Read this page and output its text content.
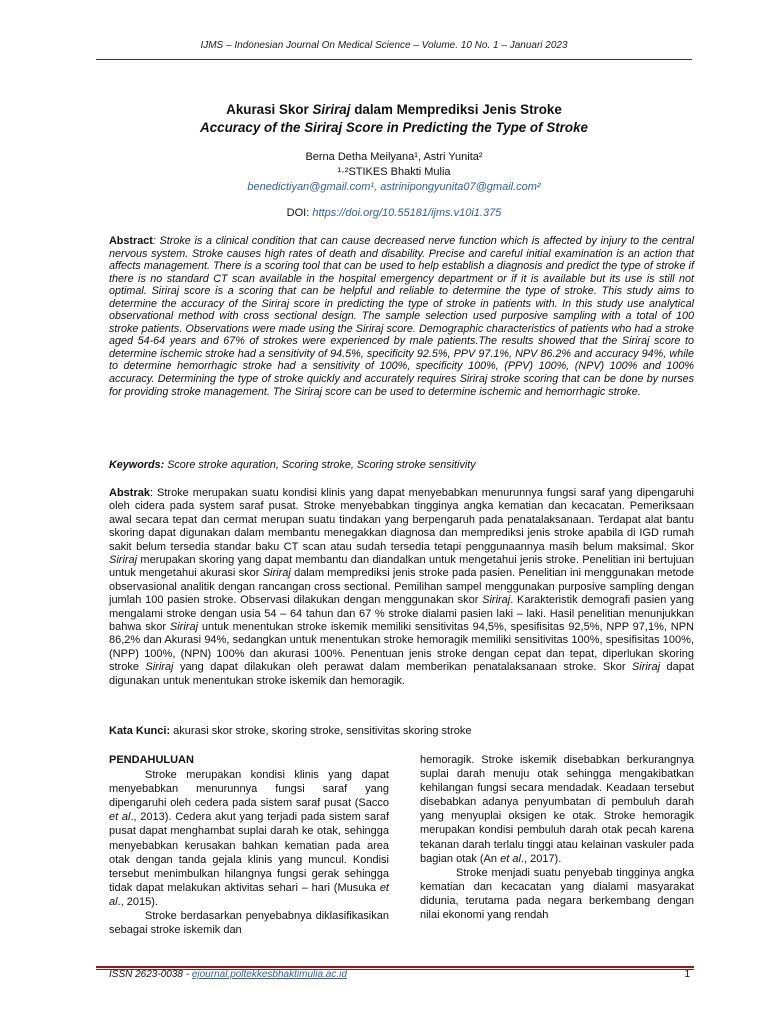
IJMS – Indonesian Journal On Medical Science – Volume. 10 No. 1 – Januari 2023
Akurasi Skor Siriraj dalam Memprediksi Jenis Stroke
Accuracy of the Siriraj Score in Predicting the Type of Stroke
Berna Detha Meilyana¹, Astri Yunita²
¹·²STIKES Bhakti Mulia
benedictiyan@gmail.com¹, astrinipongyunita07@gmail.com²
DOI: https://doi.org/10.55181/ijms.v10i1.375
Abstract: Stroke is a clinical condition that can cause decreased nerve function which is affected by injury to the central nervous system. Stroke causes high rates of death and disability. Precise and careful initial examination is an action that affects management. There is a scoring tool that can be used to help establish a diagnosis and predict the type of stroke if there is no standard CT scan available in the hospital emergency department or if it is available but its use is still not optimal. Siriraj score is a scoring that can be helpful and reliable to determine the type of stroke. This study aims to determine the accuracy of the Siriraj score in predicting the type of stroke in patients with. In this study use analytical observational method with cross sectional design. The sample selection used purposive sampling with a total of 100 stroke patients. Observations were made using the Siriraj score. Demographic characteristics of patients who had a stroke aged 54-64 years and 67% of strokes were experienced by male patients.The results showed that the Siriraj score to determine ischemic stroke had a sensitivity of 94.5%, specificity 92.5%, PPV 97.1%, NPV 86.2% and accuracy 94%, while to determine hemorrhagic stroke had a sensitivity of 100%, specificity 100%, (PPV) 100%, (NPV) 100% and 100% accuracy. Determining the type of stroke quickly and accurately requires Siriraj stroke scoring that can be done by nurses for providing stroke management. The Siriraj score can be used to determine ischemic and hemorrhagic stroke.
Keywords: Score stroke aquration, Scoring stroke, Scoring stroke sensitivity
Abstrak: Stroke merupakan suatu kondisi klinis yang dapat menyebabkan menurunnya fungsi saraf yang dipengaruhi oleh cidera pada system saraf pusat. Stroke menyebabkan tingginya angka kematian dan kecacatan. Pemeriksaan awal secara tepat dan cermat merupan suatu tindakan yang berpengaruh pada penatalaksanaan. Terdapat alat bantu skoring dapat digunakan dalam membantu menegakkan diagnosa dan memprediksi jenis stroke apabila di IGD rumah sakit belum tersedia standar baku CT scan atau sudah tersedia tetapi penggunaannya masih belum maksimal. Skor Siriraj merupakan skoring yang dapat membantu dan diandalkan untuk mengetahui jenis stroke. Penelitian ini bertujuan untuk mengetahui akurasi skor Siriraj dalam memprediksi jenis stroke pada pasien. Penelitian ini menggunakan metode observasional analitik dengan rancangan cross sectional. Pemilihan sampel menggunakan purposive sampling dengan jumlah 100 pasien stroke. Observasi dilakukan dengan menggunakan skor Siriraj. Karakteristik demografi pasien yang mengalami stroke dengan usia 54 – 64 tahun dan 67 % stroke dialami pasien laki – laki. Hasil penelitian menunjukkan bahwa skor Siriraj untuk menentukan stroke iskemik memiliki sensitivitas 94,5%, spesifisitas 92,5%, NPP 97,1%, NPN 86,2% dan Akurasi 94%, sedangkan untuk menentukan stroke hemoragik memiliki sensitivitas 100%, spesifisitas 100%, (NPP) 100%, (NPN) 100% dan akurasi 100%. Penentuan jenis stroke dengan cepat dan tepat, diperlukan skoring stroke Siriraj yang dapat dilakukan oleh perawat dalam memberikan penatalaksanaan stroke. Skor Siriraj dapat digunakan untuk menentukan stroke iskemik dan hemoragik.
Kata Kunci: akurasi skor stroke, skoring stroke, sensitivitas skoring stroke
PENDAHULUAN

Stroke merupakan kondisi klinis yang dapat menyebabkan menurunnya fungsi saraf yang dipengaruhi oleh cedera pada sistem saraf pusat (Sacco et al., 2013). Cedera akut yang terjadi pada sistem saraf pusat dapat menghambat suplai darah ke otak, sehingga menyebabkan kerusakan bahkan kematian pada area otak dengan tanda gejala klinis yang muncul. Kondisi tersebut menimbulkan hilangnya fungsi gerak sehingga tidak dapat melakukan aktivitas sehari – hari (Musuka et al., 2015).

Stroke berdasarkan penyebabnya diklasifikasikan sebagai stroke iskemik dan

hemoragik. Stroke iskemik disebabkan berkurangnya suplai darah menuju otak sehingga mengakibatkan kehilangan fungsi secara mendadak. Keadaan tersebut disebabkan adanya penyumbatan di pembuluh darah yang menyuplai oksigen ke otak. Stroke hemoragik merupakan kondisi pembuluh darah otak pecah karena tekanan darah terlalu tinggi atau kelainan vaskuler pada bagian otak (An et al., 2017).

Stroke menjadi suatu penyebab tingginya angka kematian dan kecacatan yang dialami masyarakat didunia, terutama pada negara berkembang dengan nilai ekonomi yang rendah

ISSN 2623-0038 - ejournal.poltekkesbhaktimulia.ac.id	1
